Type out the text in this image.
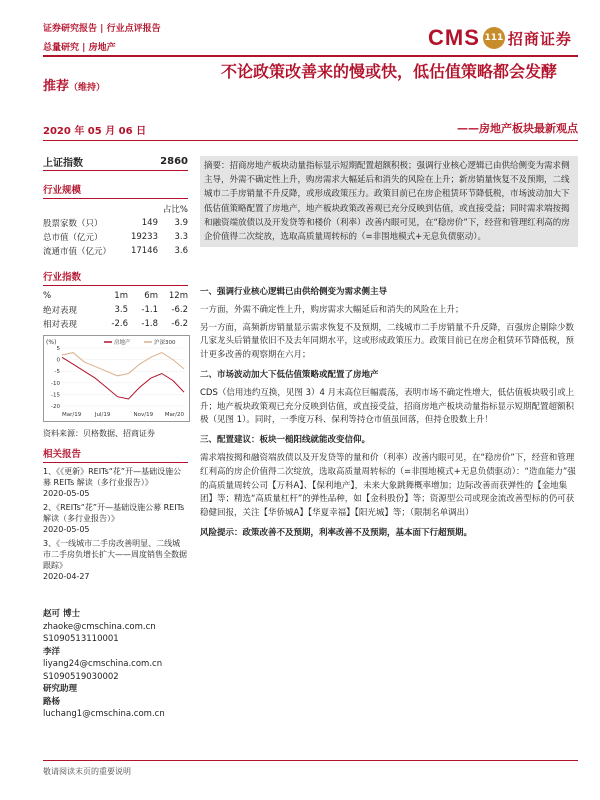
证券研究报告 | 行业点评报告
总量研究 | 房地产	CMS 111 招商证券
推荐（维持）
不论政策改善来的慢或快，低估值策略都会发酵
2020 年 05 月 06 日	——房地产板块最新观点
上证指数	2860
行业规模
占比%
股票家数（只）	149	3.9
总市值（亿元）	19233	3.3
流通市值（亿元）	17146	3.6
行业指数
%	1m	6m	12m
绝对表现	3.5	-1.1	-6.2
相对表现	-2.6	-1.8	-6.2
(%)
5
0
-5
-10
-15
-20
Mar/19 Jul/19	Nov/19 Mar/20
房地产	沪深300
资料来源：贝格数据、招商证券
相关报告
1、《《更新》REITs“花”开—基础设施公募 REITs 解读（多行业报告）》
2020-05-05
2、《REITs“花”开—基础设施公募 REITs 解读（多行业报告）》
2020-05-05
3、《一线城市二手房改善明显、二线城市二手房负增长扩大——周度销售全数据跟踪》
2020-04-27
赵可 博士
zhaoke@cmschina.com.cn
S1090513110001
李洋
liyang24@cmschina.com.cn
S1090519030002
研究助理
路杨
luchang1@cmschina.com.cn
摘要：招商房地产板块动量指标显示短期配置超额积极；强调行业核心逻辑已由供给侧变为需求侧主导，外需不确定性上升，购房需求大幅延后和消失的风险在上升；新房销量恢复不及预期，二线城市二手房销量不升反降，或形成政策压力。政策目前已在房企租赁环节降低税，市场波动加大下低估值策略配置了房地产，地产板块政策改善观已充分反映到估值，或直接受益；同时需求端按揭和融资端放债以及开发贷等和楼价（利率）改善内眼可见，在“稳房价”下，经营和管理红利高的房企价值得二次绽放，选取高质量周转标的（=非围地模式+无息负债驱动）。
一、强调行业核心逻辑已由供给侧变为需求侧主导

一方面，外需不确定性上升，购房需求大幅延后和消失的风险在上升；

另一方面，高频新房销量显示需求恢复不及预期，二线城市二手房销量不升反降，百强房企剔除少数几家龙头后销量依旧不及去年同期水平，这或形成政策压力。政策目前已在房企租赁环节降低税，预计更多改善的观察期在六月；

二、市场波动加大下低估值策略或配置了房地产

CDS（信用违约互换，见图 3）4 月末高位巨幅震荡，表明市场不确定性增大，低估值板块吸引或上升；地产板块政策观已充分反映到估值，或直接受益，招商房地产板块动量指标显示短期配置超额积极（见图 1）。同时，一季度万科、保利等持仓市值虽回落，但持仓股数上升！

三、配置建议：板块一槌阳线就能改变信仰。

需求端按揭和融资端放债以及开发贷等的量和价（利率）改善内眼可见，在“稳房价”下，经营和管理红利高的房企价值得二次绽放，选取高质量周转标的（=非围地模式+无息负债驱动）：“造血能力”强的高质量周转公司【万科A】、【保利地产】，未来大象跳舞概率增加；边际改善而获弹性的【金地集团】等；精选“高质量杠杆”的弹性品种，如【金科股份】等；资源型公司或现金流改善型标的仍可获稳健回报，关注【华侨城A】【华夏幸福】【阳光城】等；（限制名单调出）

风险提示：政策改善不及预期，利率改善不及预期，基本面下行超预期。

敬请阅读末页的重要说明
